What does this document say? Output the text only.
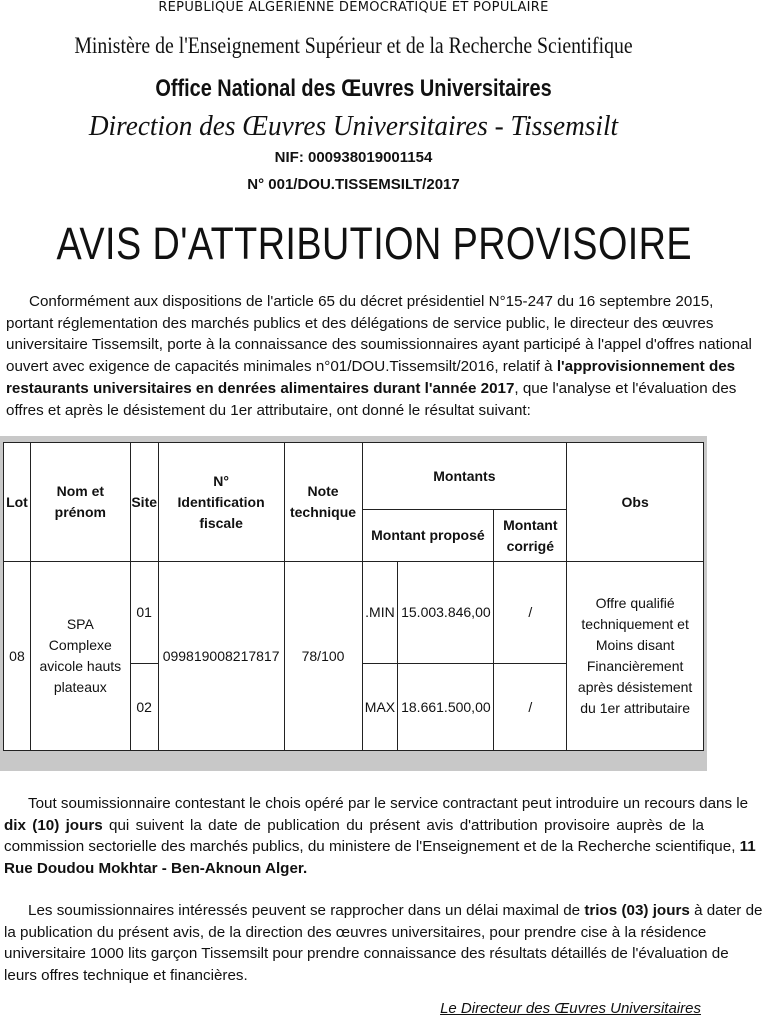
REPUBLIQUE ALGERIENNE DEMOCRATIQUE ET POPULAIRE
Ministère de l'Enseignement Supérieur et de la Recherche Scientifique
Office National des Œuvres Universitaires
Direction des Œuvres Universitaires - Tissemsilt
NIF: 000938019001154
N° 001/DOU.TISSEMSILT/2017
AVIS D'ATTRIBUTION PROVISOIRE
Conformément aux dispositions de l'article 65 du décret présidentiel N°15-247 du 16 septembre 2015,
portant réglementation des marchés publics et des délégations de service public, le directeur des œuvres
universitaire Tissemsilt, porte à la connaissance des soumissionnaires ayant participé à l'appel d'offres national
ouvert avec exigence de capacités minimales n°01/DOU.Tissemsilt/2016, relatif à l'approvisionnement des
restaurants universitaires en denrées alimentaires durant l'année 2017, que l'analyse et l'évaluation des
offres et après le désistement du 1er attributaire, ont donné le résultat suivant:
Lot	Nom et prénom	Site	N° Identification fiscale	Note technique	Montants			Obs
					Montant proposé		Montant corrigé	
08	SPA Complexe avicole hauts plateaux	01	099819008217817	78/100	.MIN	15.003.846,00	/	Offre qualifié techniquement et Moins disant Financièrement après désistement du 1er attributaire
		02			MAX	18.661.500,00	/	
Tout soumissionnaire contestant le chois opéré par le service contractant peut introduire un recours dans le
dix (10) jours qui suivent la date de publication du présent avis d'attribution provisoire auprès de la
commission sectorielle des marchés publics, du ministere de l'Enseignement et de la Recherche scientifique, 11
Rue Doudou Mokhtar - Ben-Aknoun Alger.
Les soumissionnaires intéressés peuvent se rapprocher dans un délai maximal de trios (03) jours à dater de
la publication du présent avis, de la direction des œuvres universitaires, pour prendre cise à la résidence
universitaire 1000 lits garçon Tissemsilt pour prendre connaissance des résultats détaillés de l'évaluation de
leurs offres technique et financières.
Le Directeur des Œuvres Universitaires
